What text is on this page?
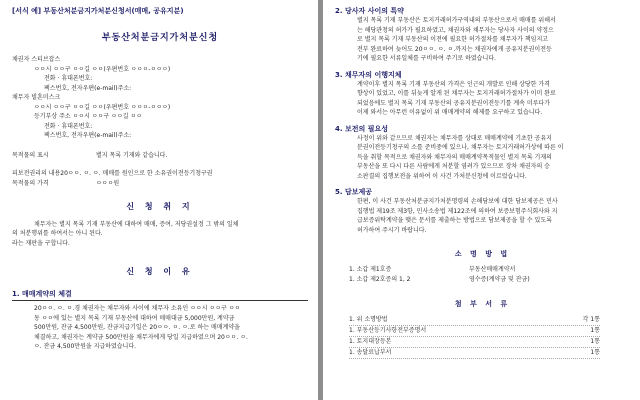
[서식 예] 부동산처분금지가처분신청서(매매, 공유지분)
부동산처분금지가처분신청
채권자 스티브잡스
ㅇㅇ시 ㅇㅇ구 ㅇㅇ길 ㅇㅇ(우편번호 ㅇㅇㅇ-ㅇㅇㅇ)
전화 · 휴대폰번호:
팩스번호, 전자우편(e-mail)주소:
채무자 빌혼미스크
ㅇㅇ시 ㅇㅇ구 ㅇㅇ길 ㅇㅇ(우편번호 ㅇㅇㅇ-ㅇㅇㅇ)
등기부상 주소 ㅇㅇ시 ㅇㅇ구 ㅇㅇ길 ㅇㅇ
전화 · 휴대폰번호:
팩스번호, 전자우편(e-mail)주소:
목적물의 표시	별지 목록 기재와 같습니다.
피보전권리의 내용 20ㅇㅇ. ㅇ. ㅇ. 매매를 원인으로 한 소유권이전등기청구권
목적물의 가격	ㅇㅇㅇ원
신 청 취 지
채무자는 별지 목록 기재 부동산에 대하여 매매, 증여, 저당권설정 그 밖의 일체
의 처분행위를 하여서는 아니 된다.
라는 재판을 구합니다.
신 청 이 유
1. 매매계약의 체결
20ㅇㅇ. ㅇ. ㅇ.경 채권자는 채무자와 사이에 채무자 소유인 ㅇㅇ시 ㅇㅇ구 ㅇㅇ
동 ㅇㅇ에 있는 별지 목록 기재 부동산에 대하여 매매대금 5,000만원, 계약금
500만원, 잔금 4,500만원, 잔금지급기일은 20ㅇㅇ. ㅇ. ㅇ.로 하는 매매계약을
체결하고, 채권자는 계약금 500만원을 채무자에게 당일 지급하였으며 20ㅇㅇ. ㅇ.
ㅇ. 잔금 4,500만원을 지급하였습니다.
2. 당사자 사이의 특약
별지 목록 기재 부동산은 토지거래허가구역내의 부동산으로서 매매를 위해서
는 해당관청의 허가가 필요하였고, 채권자와 채무자는 당사자 사이의 약정으
로 별지 목록 기재 부동산의 이전에 필요한 허가절차를 채무자가 책임지고
전부 완료하여 늦어도 20ㅇㅇ. ㅇ. ㅇ.까지는 채권자에게 공유지분권이전등
기에 필요한 서류일체를 구비하여 주기로 하였습니다.
3. 채무자의 이행지체
계약이후 별지 목록 기재 부동산의 가격은 인근의 개발로 인해 상당한 가격
향상이 있었고, 이를 뒤늦게 알게 된 채무자는 토지거래허가절차가 이미 완료
되었음에도 별지 목록 기재 부동산의 공유지분권이전등기를 계속 미루다가
이제 와서는 아무런 이유없이 위 매매계약의 해제를 요구하고 있습니다.
4. 보전의 필요성
사정이 위와 같으므로 채권자는 채무자를 상대로 매매계약에 기초한 공유지
분권이전등기청구의 소를 준비중에 있으나, 채무자는 토지거래허가상에 따른 이
득을 취할 목적으로 채권자와 채무자의 매매계약목적물인 별지 목록 기재의
부동산을 또 다시 다른 사람에게 처분할 염려가 있으므로 장차 채권자의 승
소판결의 집행보전을 위하여 이 사건 가처분신청에 이르렀습니다.
5. 담보제공
한편, 이 사건 부동산처분금지가처분명령의 손해담보에 대한 담보제공은 민사
집행법 제19조 제3항, 민사소송법 제122조에 의하여 보증보험주식회사와 지
급보증위탁계약을 맺은 문서를 제출하는 방법으로 담보제공을 할 수 있도록
허가하여 주시기 바랍니다.
소 명 방 법
1. 소갑 제1호증	부동산매매계약서
1. 소갑 제2호증의 1, 2	영수증(계약금 및 잔금)
첨 부 서 류
1. 위 소명방법	각 1통
1. 부동산등기사항전부증명서	1통
1. 토지대장등본	1통
1. 송달료납부서	1통
